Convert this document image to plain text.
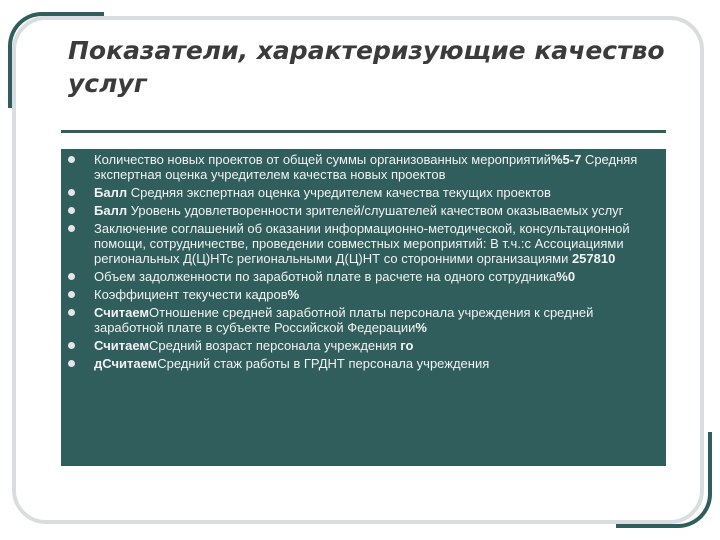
Показатели, характеризующие качество услуг
Количество новых проектов от общей суммы организованных мероприятий%5-7 Средняя экспертная оценка учредителем качества новых проектов
Балл Средняя экспертная оценка учредителем качества текущих проектов
Балл Уровень удовлетворенности зрителей/слушателей качеством оказываемых услуг
Заключение соглашений об оказании информационно-методической, консультационной помощи, сотрудничестве, проведении совместных мероприятий: В т.ч.:с Ассоциациями региональных Д(Ц)НТс региональными Д(Ц)НТ со сторонними организациями 257810
Объем задолженности по заработной плате в расчете на одного сотрудника%0
Коэффициент текучести кадров%
СчитаемОтношение средней заработной платы персонала учреждения к средней заработной плате в субъекте Российской Федерации%
СчитаемСредний возраст персонала учреждения го
дСчитаемСредний стаж работы в ГРДНТ персонала учреждения
